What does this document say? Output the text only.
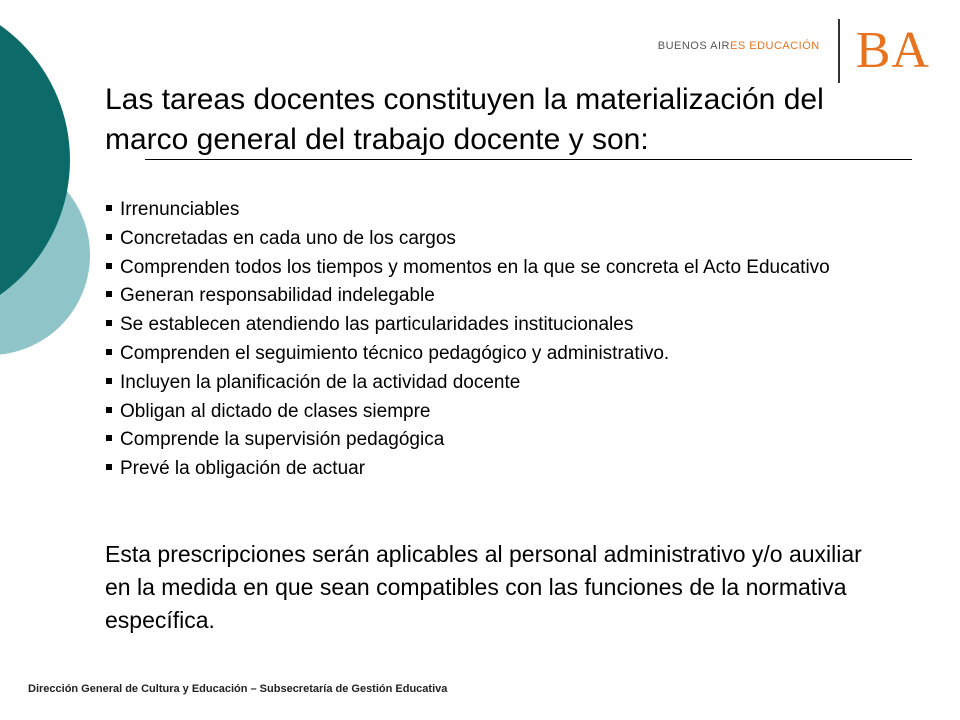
BUENOS AIRES EDUCACIÓN BA
Las tareas docentes constituyen la materialización del marco general del trabajo docente y son:
Irrenunciables
Concretadas en cada uno de los cargos
Comprenden todos los tiempos y momentos en la que se concreta el Acto Educativo
Generan responsabilidad indelegable
Se establecen atendiendo las particularidades institucionales
Comprenden el seguimiento técnico pedagógico y administrativo.
Incluyen la planificación de la actividad docente
Obligan al dictado de clases siempre
Comprende la supervisión pedagógica
Prevé la obligación de actuar

Esta prescripciones serán aplicables al personal administrativo y/o auxiliar en la medida en que sean compatibles con las funciones de la normativa específica.

Dirección General de Cultura y Educación – Subsecretaría de Gestión Educativa
